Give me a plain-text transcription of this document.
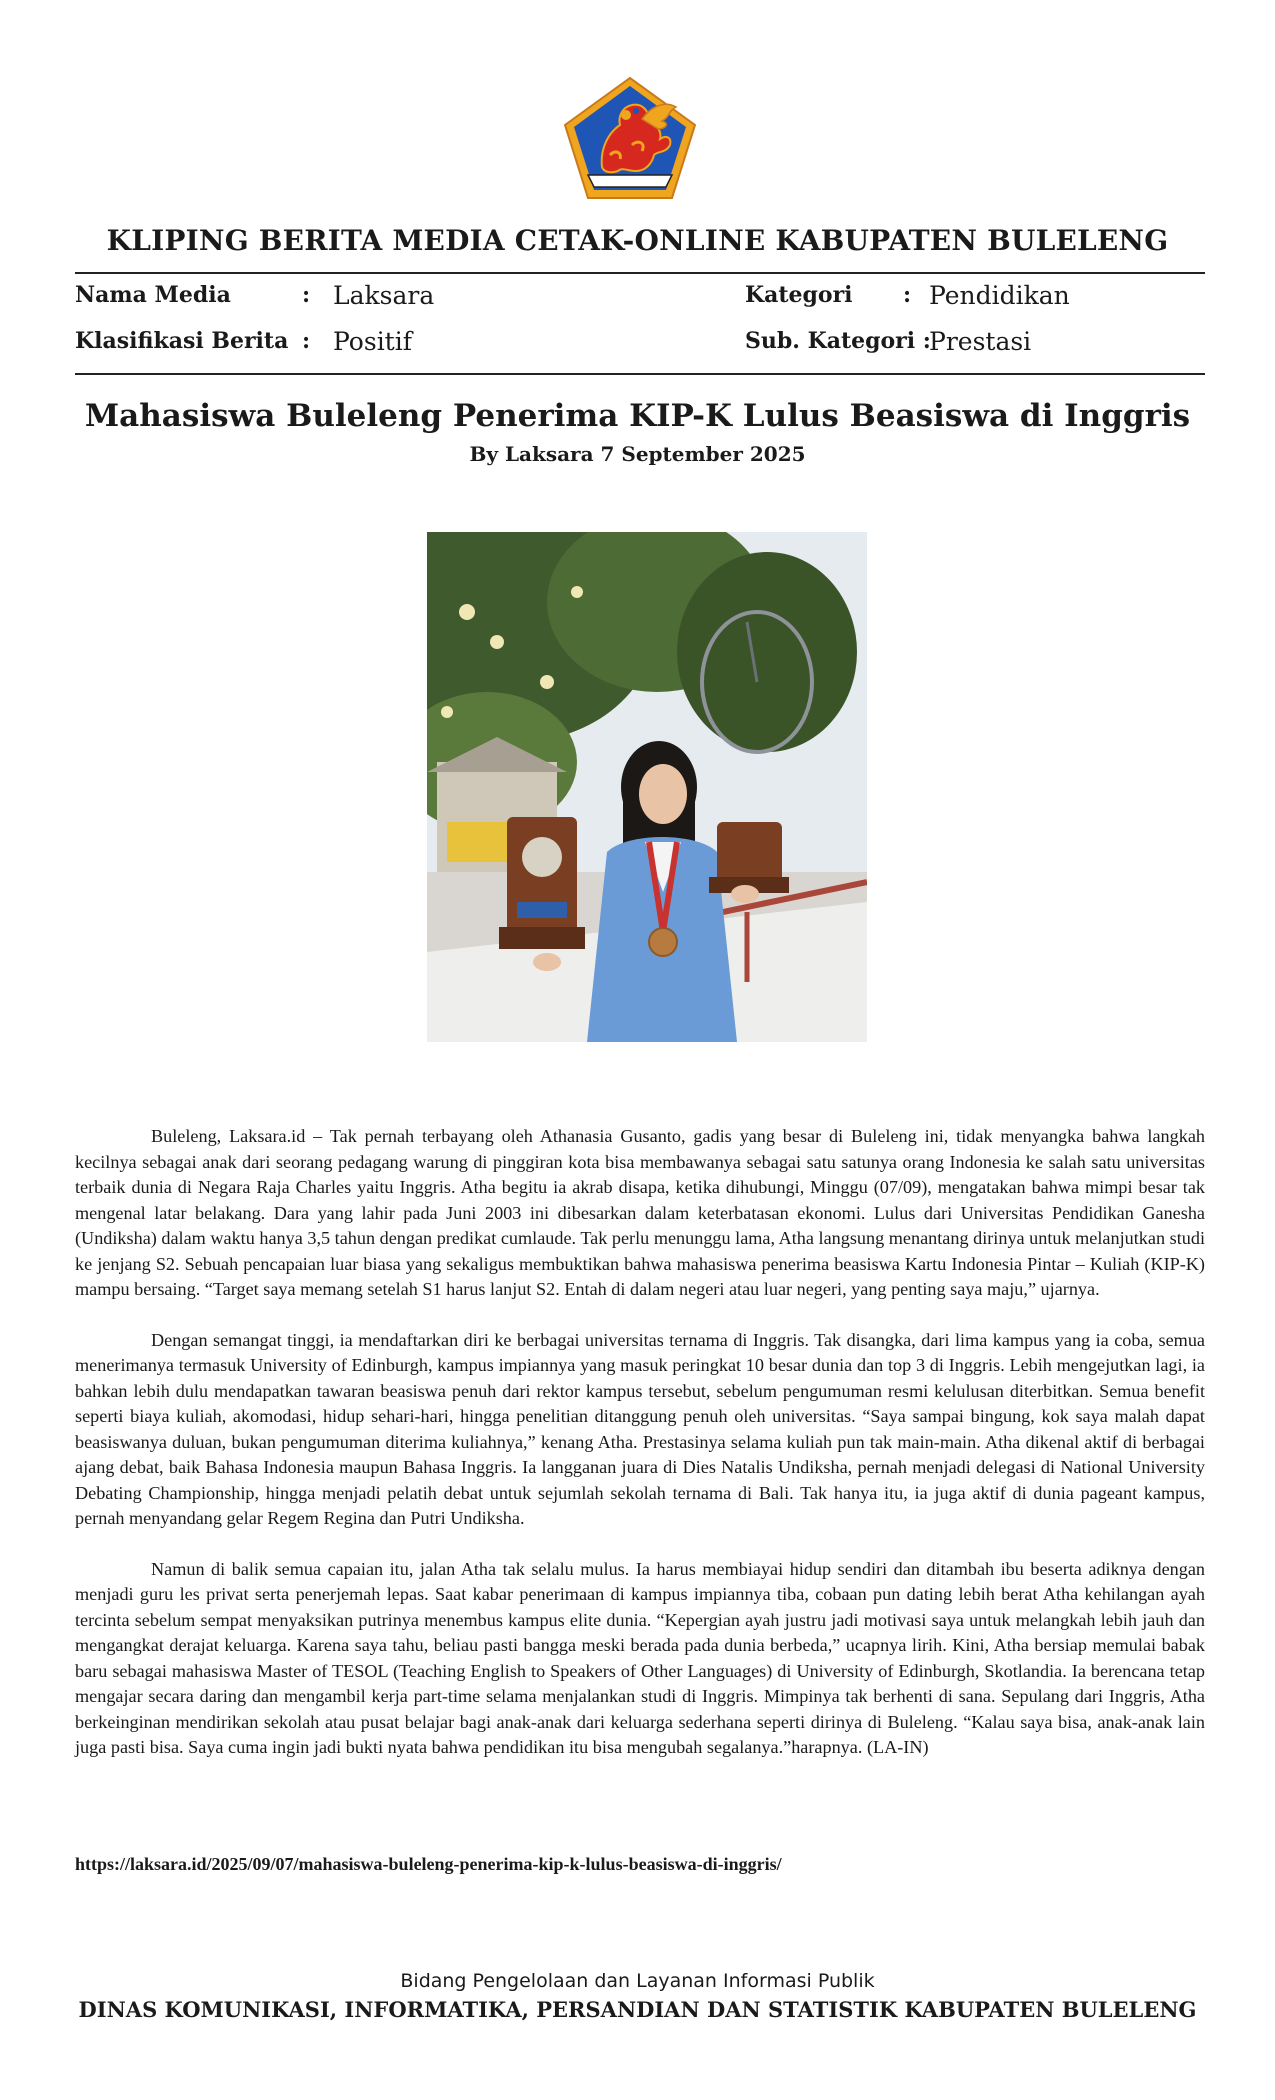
KLIPING BERITA MEDIA CETAK-ONLINE KABUPATEN BULELENG
Nama Media	: Laksara
Klasifikasi Berita : Positif
Kategori : Pendidikan
Sub. Kategori :
Prestasi
Mahasiswa Buleleng Penerima KIP-K Lulus Beasiswa di Inggris
By Laksara 7 September 2025

Buleleng, Laksara.id – Tak pernah terbayang oleh Athanasia Gusanto, gadis yang besar di Buleleng ini, tidak menyangka bahwa langkah kecilnya sebagai anak dari seorang pedagang warung di pinggiran kota bisa membawanya sebagai satu satunya orang Indonesia ke salah satu universitas terbaik dunia di Negara Raja Charles yaitu Inggris. Atha begitu ia akrab disapa, ketika dihubungi, Minggu (07/09), mengatakan bahwa mimpi besar tak mengenal latar belakang. Dara yang lahir pada Juni 2003 ini dibesarkan dalam keterbatasan ekonomi. Lulus dari Universitas Pendidikan Ganesha (Undiksha) dalam waktu hanya 3,5 tahun dengan predikat cumlaude. Tak perlu menunggu lama, Atha langsung menantang dirinya untuk melanjutkan studi ke jenjang S2. Sebuah pencapaian luar biasa yang sekaligus membuktikan bahwa mahasiswa penerima beasiswa Kartu Indonesia Pintar – Kuliah (KIP-K) mampu bersaing. “Target saya memang setelah S1 harus lanjut S2. Entah di dalam negeri atau luar negeri, yang penting saya maju,” ujarnya.

Dengan semangat tinggi, ia mendaftarkan diri ke berbagai universitas ternama di Inggris. Tak disangka, dari lima kampus yang ia coba, semua menerimanya termasuk University of Edinburgh, kampus impiannya yang masuk peringkat 10 besar dunia dan top 3 di Inggris. Lebih mengejutkan lagi, ia bahkan lebih dulu mendapatkan tawaran beasiswa penuh dari rektor kampus tersebut, sebelum pengumuman resmi kelulusan diterbitkan. Semua benefit seperti biaya kuliah, akomodasi, hidup sehari-hari, hingga penelitian ditanggung penuh oleh universitas. “Saya sampai bingung, kok saya malah dapat beasiswanya duluan, bukan pengumuman diterima kuliahnya,” kenang Atha. Prestasinya selama kuliah pun tak main-main. Atha dikenal aktif di berbagai ajang debat, baik Bahasa Indonesia maupun Bahasa Inggris. Ia langganan juara di Dies Natalis Undiksha, pernah menjadi delegasi di National University Debating Championship, hingga menjadi pelatih debat untuk sejumlah sekolah ternama di Bali. Tak hanya itu, ia juga aktif di dunia pageant kampus, pernah menyandang gelar Regem Regina dan Putri Undiksha.

Namun di balik semua capaian itu, jalan Atha tak selalu mulus. Ia harus membiayai hidup sendiri dan ditambah ibu beserta adiknya dengan menjadi guru les privat serta penerjemah lepas. Saat kabar penerimaan di kampus impiannya tiba, cobaan pun dating lebih berat Atha kehilangan ayah tercinta sebelum sempat menyaksikan putrinya menembus kampus elite dunia. “Kepergian ayah justru jadi motivasi saya untuk melangkah lebih jauh dan mengangkat derajat keluarga. Karena saya tahu, beliau pasti bangga meski berada pada dunia berbeda,” ucapnya lirih. Kini, Atha bersiap memulai babak baru sebagai mahasiswa Master of TESOL (Teaching English to Speakers of Other Languages) di University of Edinburgh, Skotlandia. Ia berencana tetap mengajar secara daring dan mengambil kerja part-time selama menjalankan studi di Inggris. Mimpinya tak berhenti di sana. Sepulang dari Inggris, Atha berkeinginan mendirikan sekolah atau pusat belajar bagi anak-anak dari keluarga sederhana seperti dirinya di Buleleng. “Kalau saya bisa, anak-anak lain juga pasti bisa. Saya cuma ingin jadi bukti nyata bahwa pendidikan itu bisa mengubah segalanya.”harapnya. (LA-IN)

https://laksara.id/2025/09/07/mahasiswa-buleleng-penerima-kip-k-lulus-beasiswa-di-inggris/
Bidang Pengelolaan dan Layanan Informasi Publik
DINAS KOMUNIKASI, INFORMATIKA, PERSANDIAN DAN STATISTIK KABUPATEN BULELENG
